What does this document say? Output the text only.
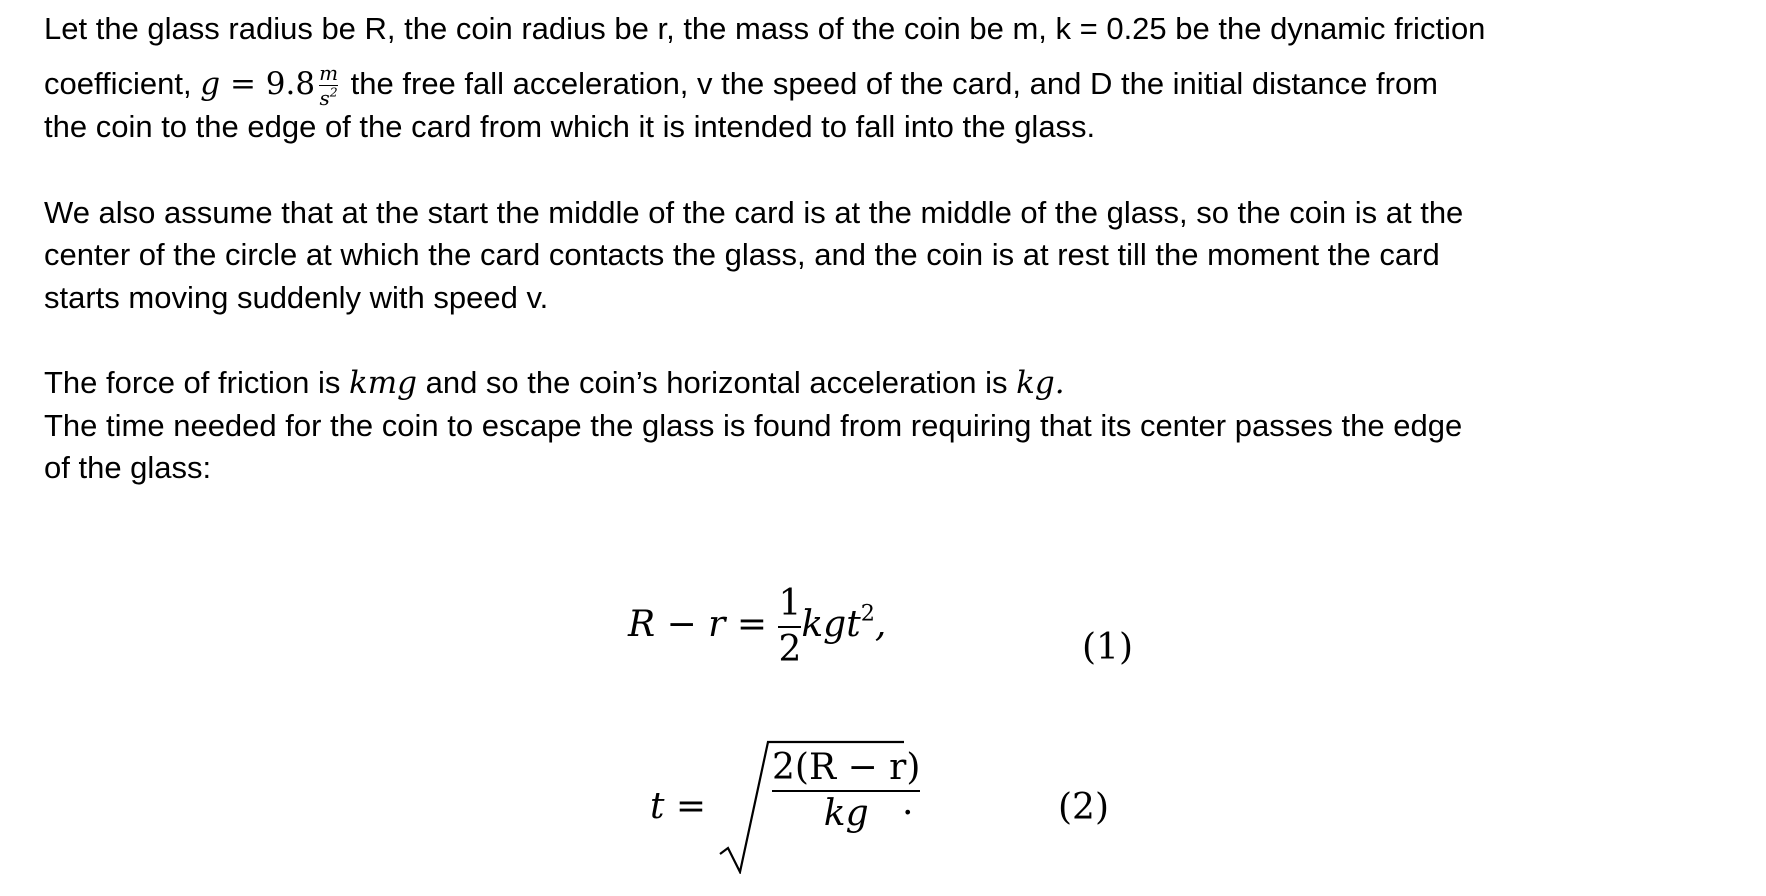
Let the glass radius be R, the coin radius be r, the mass of the coin be m, k = 0.25 be the dynamic friction

coefficient, $g = 9.8 \frac{m}{s^2}$ the free fall acceleration, v the speed of the card, and D the initial distance from

the coin to the edge of the card from which it is intended to fall into the glass.

We also assume that at the start the middle of the card is at the middle of the glass, so the coin is at the

center of the circle at which the card contacts the glass, and the coin is at rest till the moment the card

starts moving suddenly with speed v.

The force of friction is kmg and so the coin’s horizontal acceleration is kg.

The time needed for the coin to escape the glass is found from requiring that its center passes the edge

of the glass:

$R - r = \frac{1}{2} kgt^2$,
(1)
t =
2(R − r)
kg .	(2)
